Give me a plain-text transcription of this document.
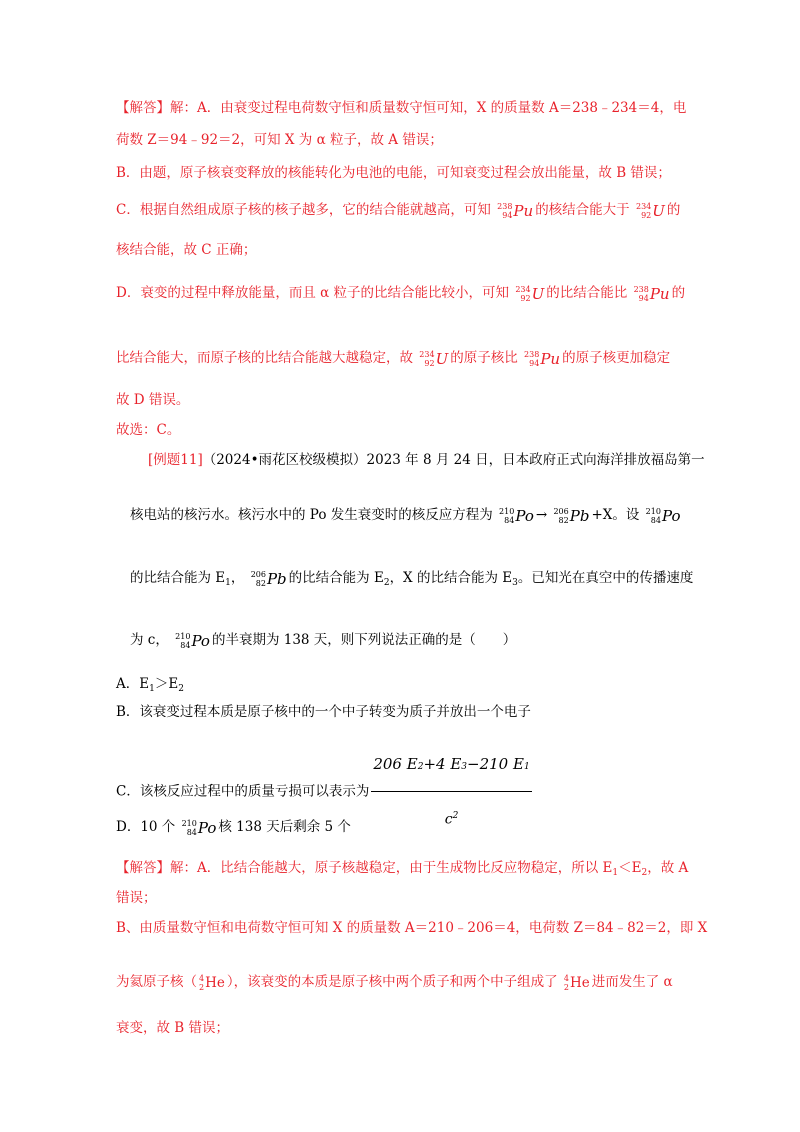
【解答】解：A．由衰变过程电荷数守恒和质量数守恒可知，X 的质量数 A＝238﹣234＝4，电
荷数 Z＝94﹣92＝2，可知 X 为 α 粒子，故 A 错误；
B．由题，原子核衰变释放的核能转化为电池的电能，可知衰变过程会放出能量，故 B 错误；
C．根据自然组成原子核的核子越多，它的结合能就越高，可知 238
94 Pu 的核结合能大于 234
92 U 的
核结合能，故 C 正确；
D．衰变的过程中释放能量，而且 α 粒子的比结合能比较小，可知 234
92 U 的比结合能比 238
94 Pu 的
比结合能大，而原子核的比结合能越大越稳定，故 234
92 U 的原子核比 238
94 Pu 的原子核更加稳定
故 D 错误。
故选：C。
[例题11]（2024•雨花区校级模拟）2023 年 8 月 24 日，日本政府正式向海洋排放福岛第一
核电站的核污水。核污水中的 Po 发生衰变时的核反应方程为 210
84 Po → 206
82 Pb +X。设 210
84 Po
的比结合能为 $E_1$， 206
82 Pb 的比结合能为 $E_2$，X 的比结合能为 $E_3$。已知光在真空中的传播速度
为 c， 210
84 Po 的半衰期为 138 天，则下列说法正确的是（　　）
A．$E_1>E_2$
B．该衰变过程本质是原子核中的一个中子转变为质子并放出一个电子
C．该核反应过程中的质量亏损可以表示为 $\frac{206 E2+4 E3-210 E1}{c^2}$
D．10 个 210
84 Po 核 138 天后剩余 5 个
【解答】解：A．比结合能越大，原子核越稳定，由于生成物比反应物稳定，所以 $E_1<E_2$，故 A
错误；
B、由质量数守恒和电荷数守恒可知 X 的质量数 A＝210﹣206＝4，电荷数 Z＝84﹣82＝2，即 X
为氦原子核（ 4
2 He ），该衰变的本质是原子核中两个质子和两个中子组成了 4
2 He 进而发生了 α
衰变，故 B 错误；
